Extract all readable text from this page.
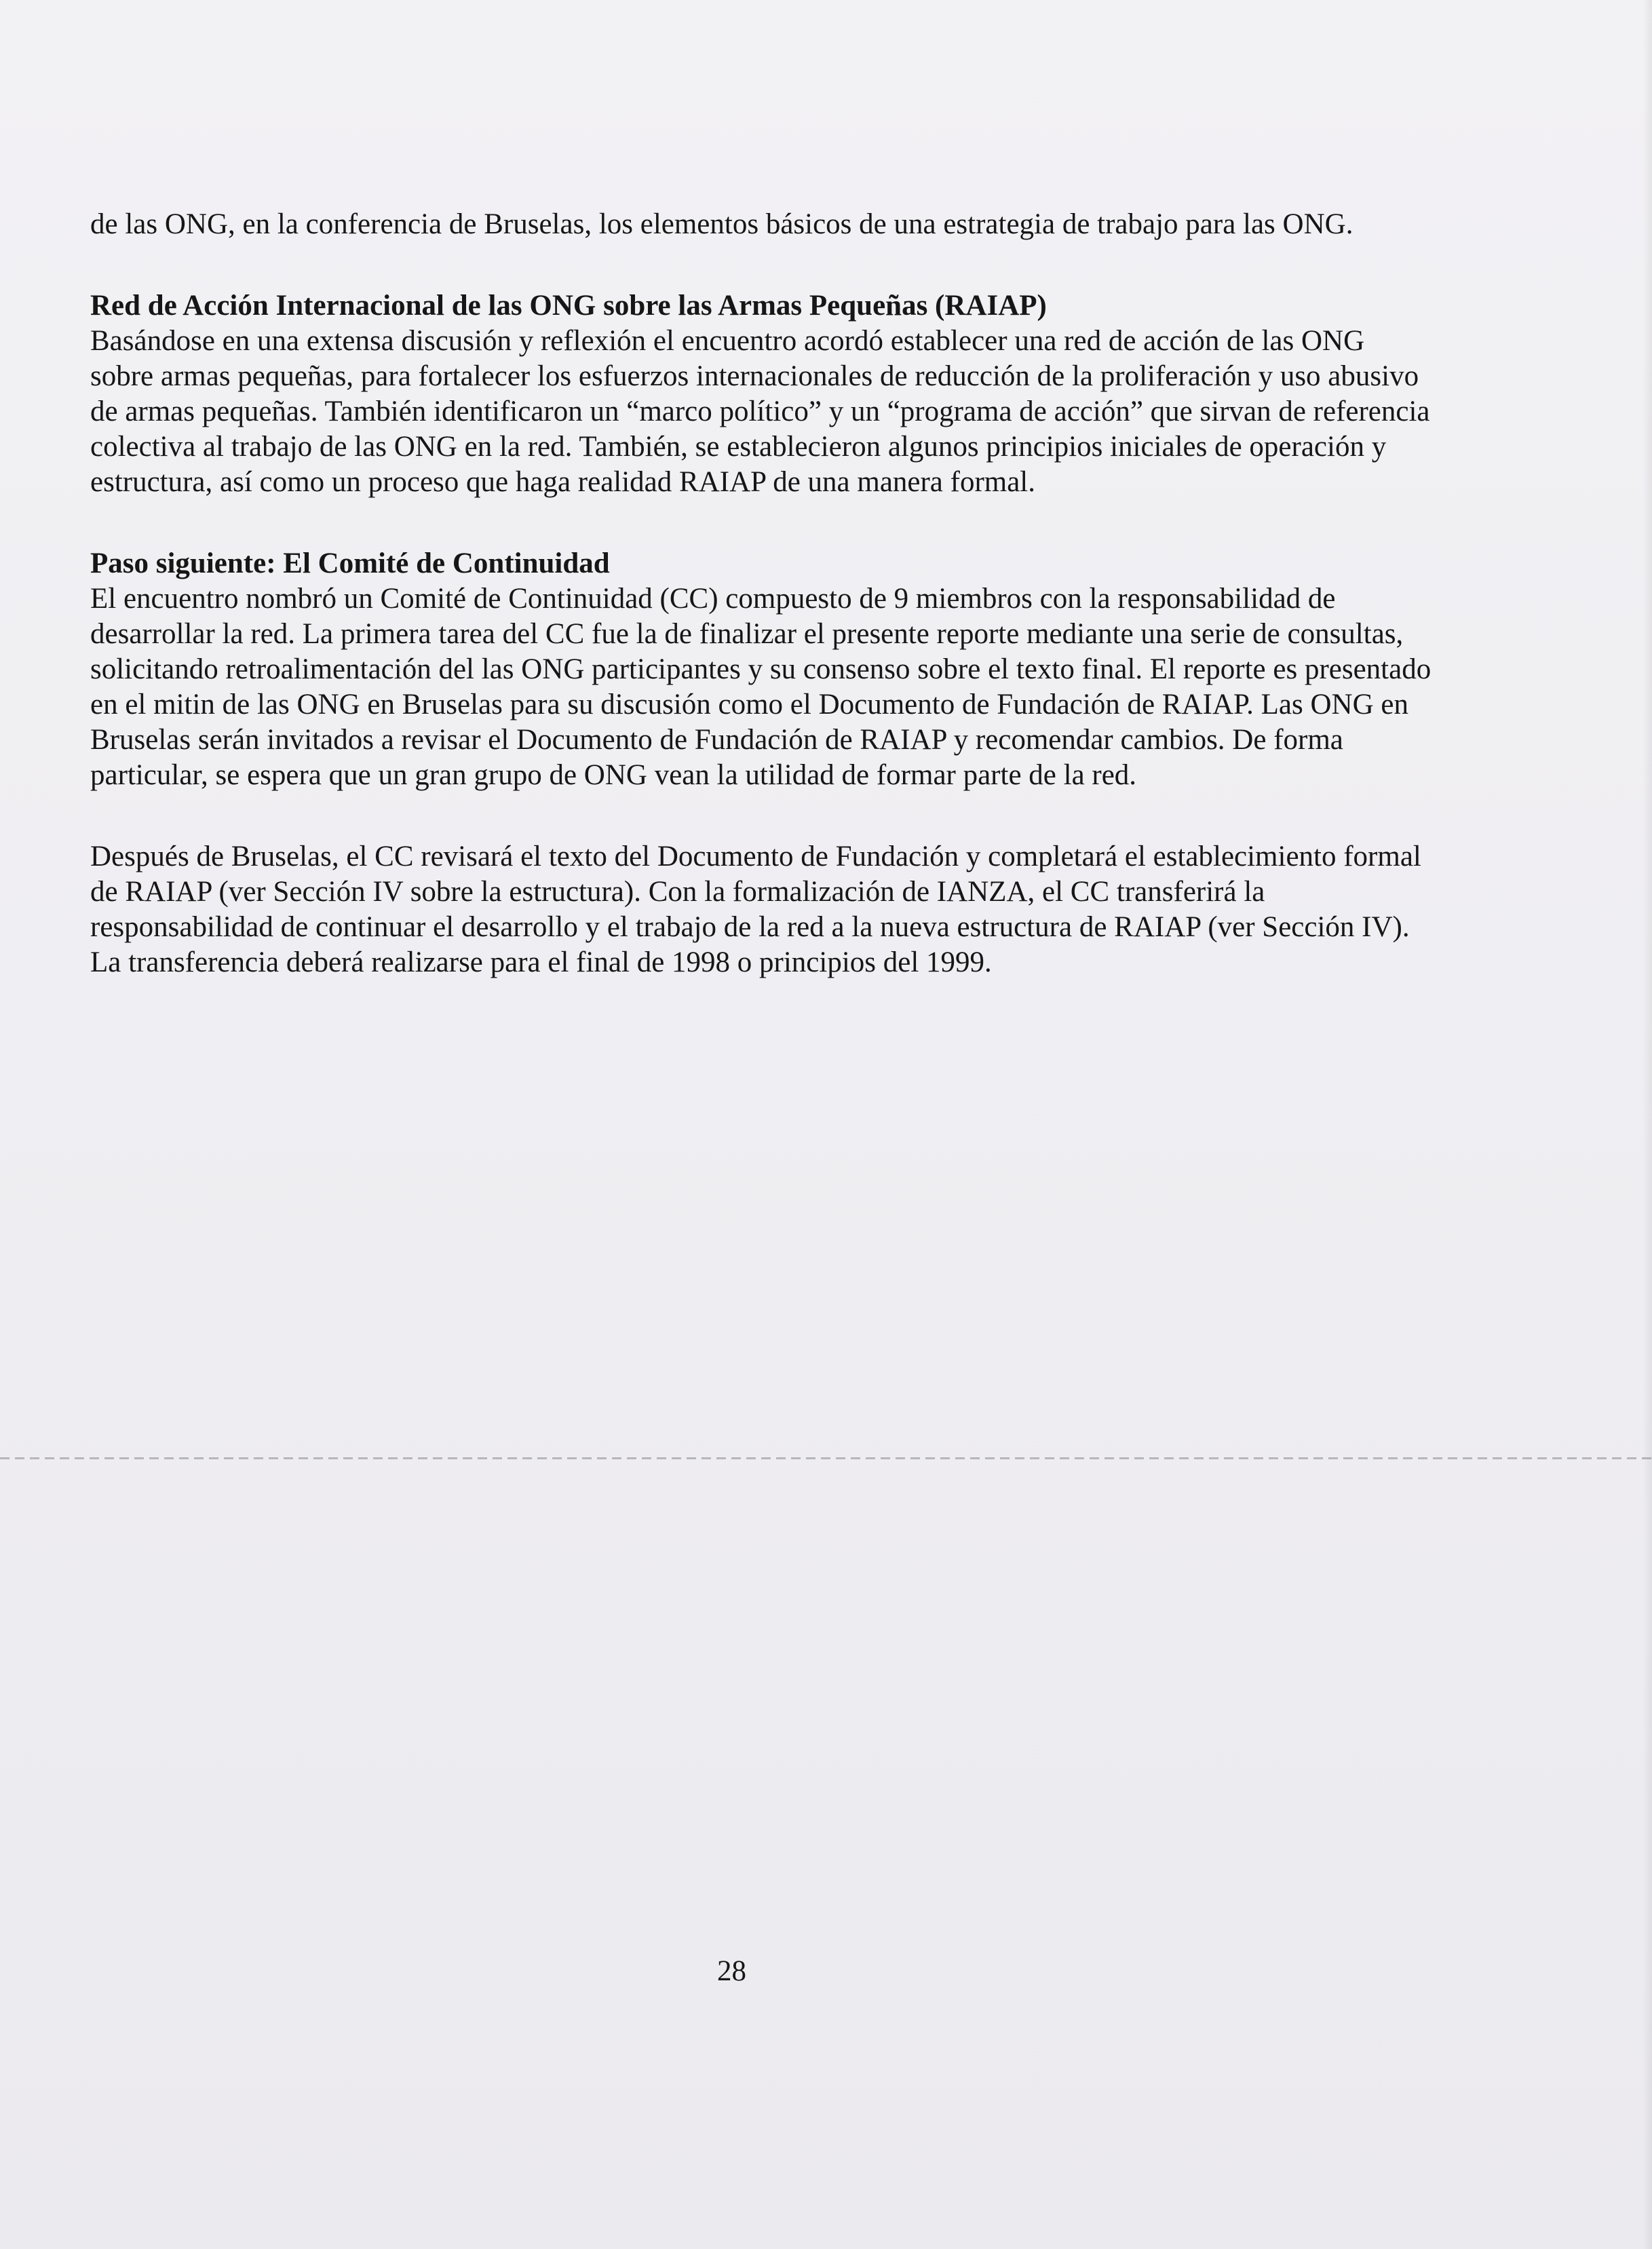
de las ONG, en la conferencia de Bruselas, los elementos básicos de una estrategia de trabajo para las ONG.

Red de Acción Internacional de las ONG sobre las Armas Pequeñas (RAIAP)

Basándose en una extensa discusión y reflexión el encuentro acordó establecer una red de acción de las ONG sobre armas pequeñas, para fortalecer los esfuerzos internacionales de reducción de la proliferación y uso abusivo de armas pequeñas. También identificaron un “marco político” y un “programa de acción” que sirvan de referencia colectiva al trabajo de las ONG en la red. También, se establecieron algunos principios iniciales de operación y estructura, así como un proceso que haga realidad RAIAP de una manera formal.

Paso siguiente: El Comité de Continuidad

El encuentro nombró un Comité de Continuidad (CC) compuesto de 9 miembros con la responsabilidad de desarrollar la red. La primera tarea del CC fue la de finalizar el presente reporte mediante una serie de consultas, solicitando retroalimentación del las ONG participantes y su consenso sobre el texto final. El reporte es presentado en el mitin de las ONG en Bruselas para su discusión como el Documento de Fundación de RAIAP. Las ONG en Bruselas serán invitados a revisar el Documento de Fundación de RAIAP y recomendar cambios. De forma particular, se espera que un gran grupo de ONG vean la utilidad de formar parte de la red.

Después de Bruselas, el CC revisará el texto del Documento de Fundación y completará el establecimiento formal de RAIAP (ver Sección IV sobre la estructura). Con la formalización de IANZA, el CC transferirá la responsabilidad de continuar el desarrollo y el trabajo de la red a la nueva estructura de RAIAP (ver Sección IV). La transferencia deberá realizarse para el final de 1998 o principios del 1999.

28
